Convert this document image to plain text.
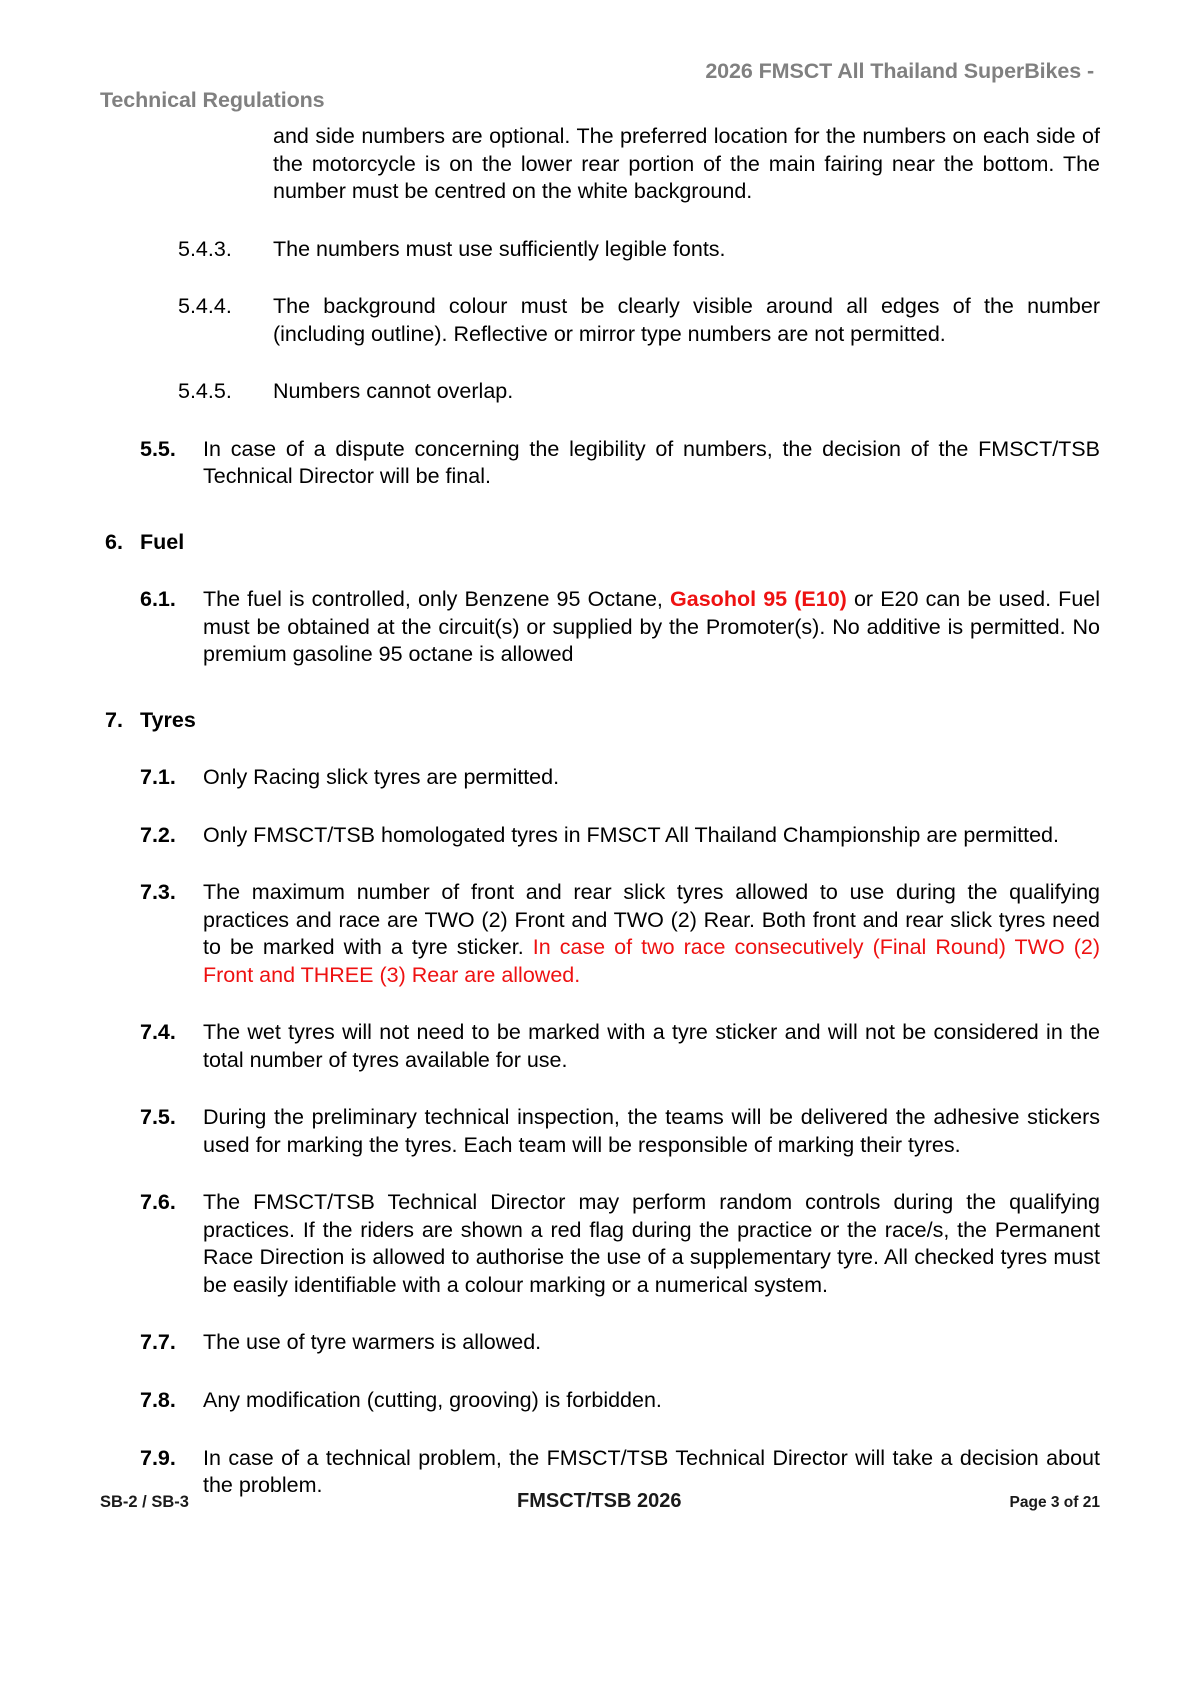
2026 FMSCT All Thailand SuperBikes -
Technical Regulations
and side numbers are optional. The preferred location for the numbers on each side of the motorcycle is on the lower rear portion of the main fairing near the bottom. The number must be centred on the white background.
5.4.3.	The numbers must use sufficiently legible fonts.
5.4.4.	The background colour must be clearly visible around all edges of the number (including outline). Reflective or mirror type numbers are not permitted.
5.4.5.	Numbers cannot overlap.
5.5.	In case of a dispute concerning the legibility of numbers, the decision of the FMSCT/TSB Technical Director will be final.
6. Fuel
6.1.	The fuel is controlled, only Benzene 95 Octane, Gasohol 95 (E10) or E20 can be used. Fuel must be obtained at the circuit(s) or supplied by the Promoter(s). No additive is permitted. No premium gasoline 95 octane is allowed
7. Tyres
7.1.	Only Racing slick tyres are permitted.
7.2.	Only FMSCT/TSB homologated tyres in FMSCT All Thailand Championship are permitted.
7.3.	The maximum number of front and rear slick tyres allowed to use during the qualifying practices and race are TWO (2) Front and TWO (2) Rear. Both front and rear slick tyres need to be marked with a tyre sticker. In case of two race consecutively (Final Round) TWO (2) Front and THREE (3) Rear are allowed.
7.4.	The wet tyres will not need to be marked with a tyre sticker and will not be considered in the total number of tyres available for use.
7.5.	During the preliminary technical inspection, the teams will be delivered the adhesive stickers used for marking the tyres. Each team will be responsible of marking their tyres.
7.6.	The FMSCT/TSB Technical Director may perform random controls during the qualifying practices. If the riders are shown a red flag during the practice or the race/s, the Permanent Race Direction is allowed to authorise the use of a supplementary tyre. All checked tyres must be easily identifiable with a colour marking or a numerical system.
7.7.	The use of tyre warmers is allowed.
7.8.	Any modification (cutting, grooving) is forbidden.
7.9.	In case of a technical problem, the FMSCT/TSB Technical Director will take a decision about the problem.
SB-2 / SB-3	FMSCT/TSB 2026	Page 3 of 21
